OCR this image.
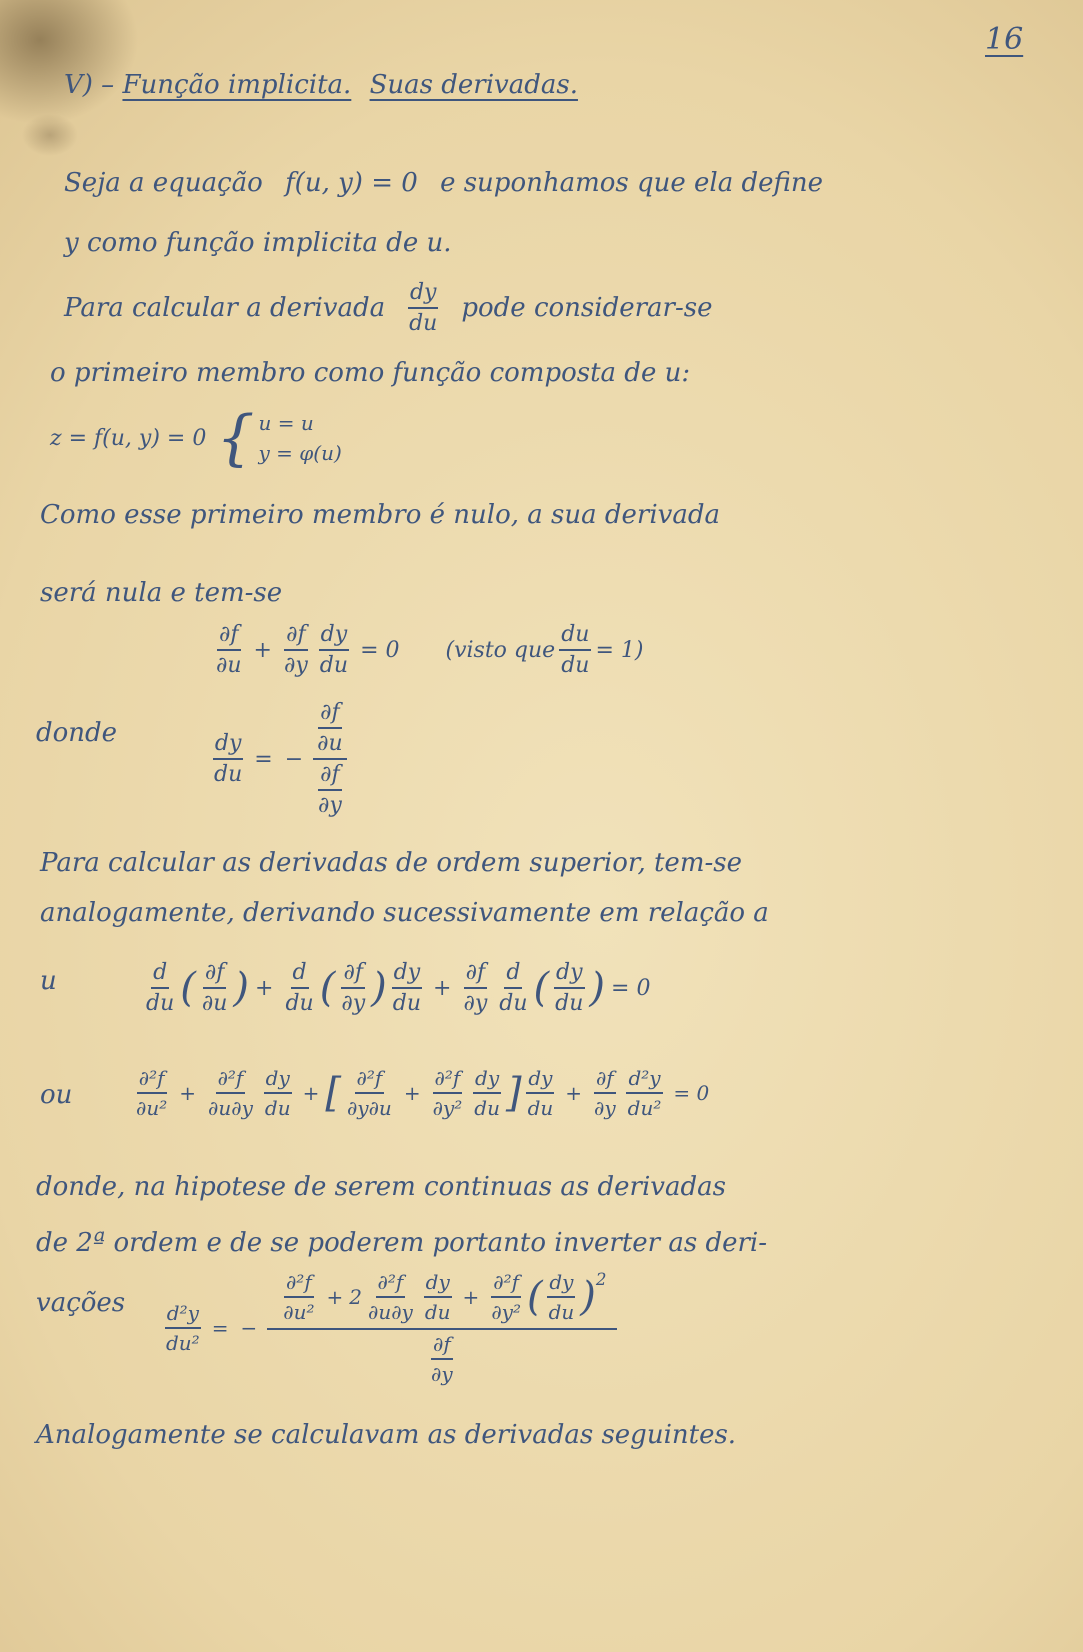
16
V) – Função implicita. Suas derivadas.
Seja a equação f(u, y) = 0 e suponhamos que ela define
y como função implicita de u.
Para calcular a derivada $\frac{dy}{du}$ pode considerar-se
o primeiro membro como função composta de u:
z = f(u, y) = 0 { u = u
y = φ(u)
Como esse primeiro membro é nulo, a sua derivada
será nula e tem-se
$\frac{\partial f}{\partial u} + \frac{\partial f}{\partial y} \frac{dy}{du} = 0$ (visto que $\frac{du}{du} = 1$)
donde	$\frac{dy}{du}$ = − $\frac{\frac{\partial f}{\partial u}}{\frac{\partial f}{\partial y}}$
Para calcular as derivadas de ordem superior, tem-se
analogamente, derivando sucessivamente em relação a
u	$\frac{d}{du}$ ( $\frac{\partial f}{\partial u}$ ) + $\frac{d}{du}$ ( $\frac{\partial f}{\partial y}$ ) $\frac{dy}{du} + \frac{\partial f}{\partial y} \frac{d}{du}$ ( $\frac{dy}{du}$ ) = 0
ou	$\frac{\text{∂²f}}{\text{∂u²}} + \frac{\text{∂²f}}{\partial u\partial y} \frac{dy}{du}$ + [ $\frac{\text{∂²f}}{\partial y\partial u} + \frac{\text{∂²f}}{\text{∂y²}} \frac{dy}{du}$ ] $\frac{dy}{du} + \frac{\partial f}{\partial y} \frac{\text{d²y}}{\text{du²}} = 0$
donde, na hipotese de serem continuas as derivadas
de 2ª ordem e de se poderem portanto inverter as deri-
vações $\frac{\text{d²y}}{\text{du²}}$ = −
$\frac{\text{∂²f}}{\text{∂u²}} + 2 \frac{\text{∂²f}}{\partial u\partial y} \frac{dy}{du} + \frac{\text{∂²f}}{\text{∂y²}}$ ( $\frac{dy}{du} )^2$
$\frac{\partial f}{\partial y}$
Analogamente se calculavam as derivadas seguintes.
